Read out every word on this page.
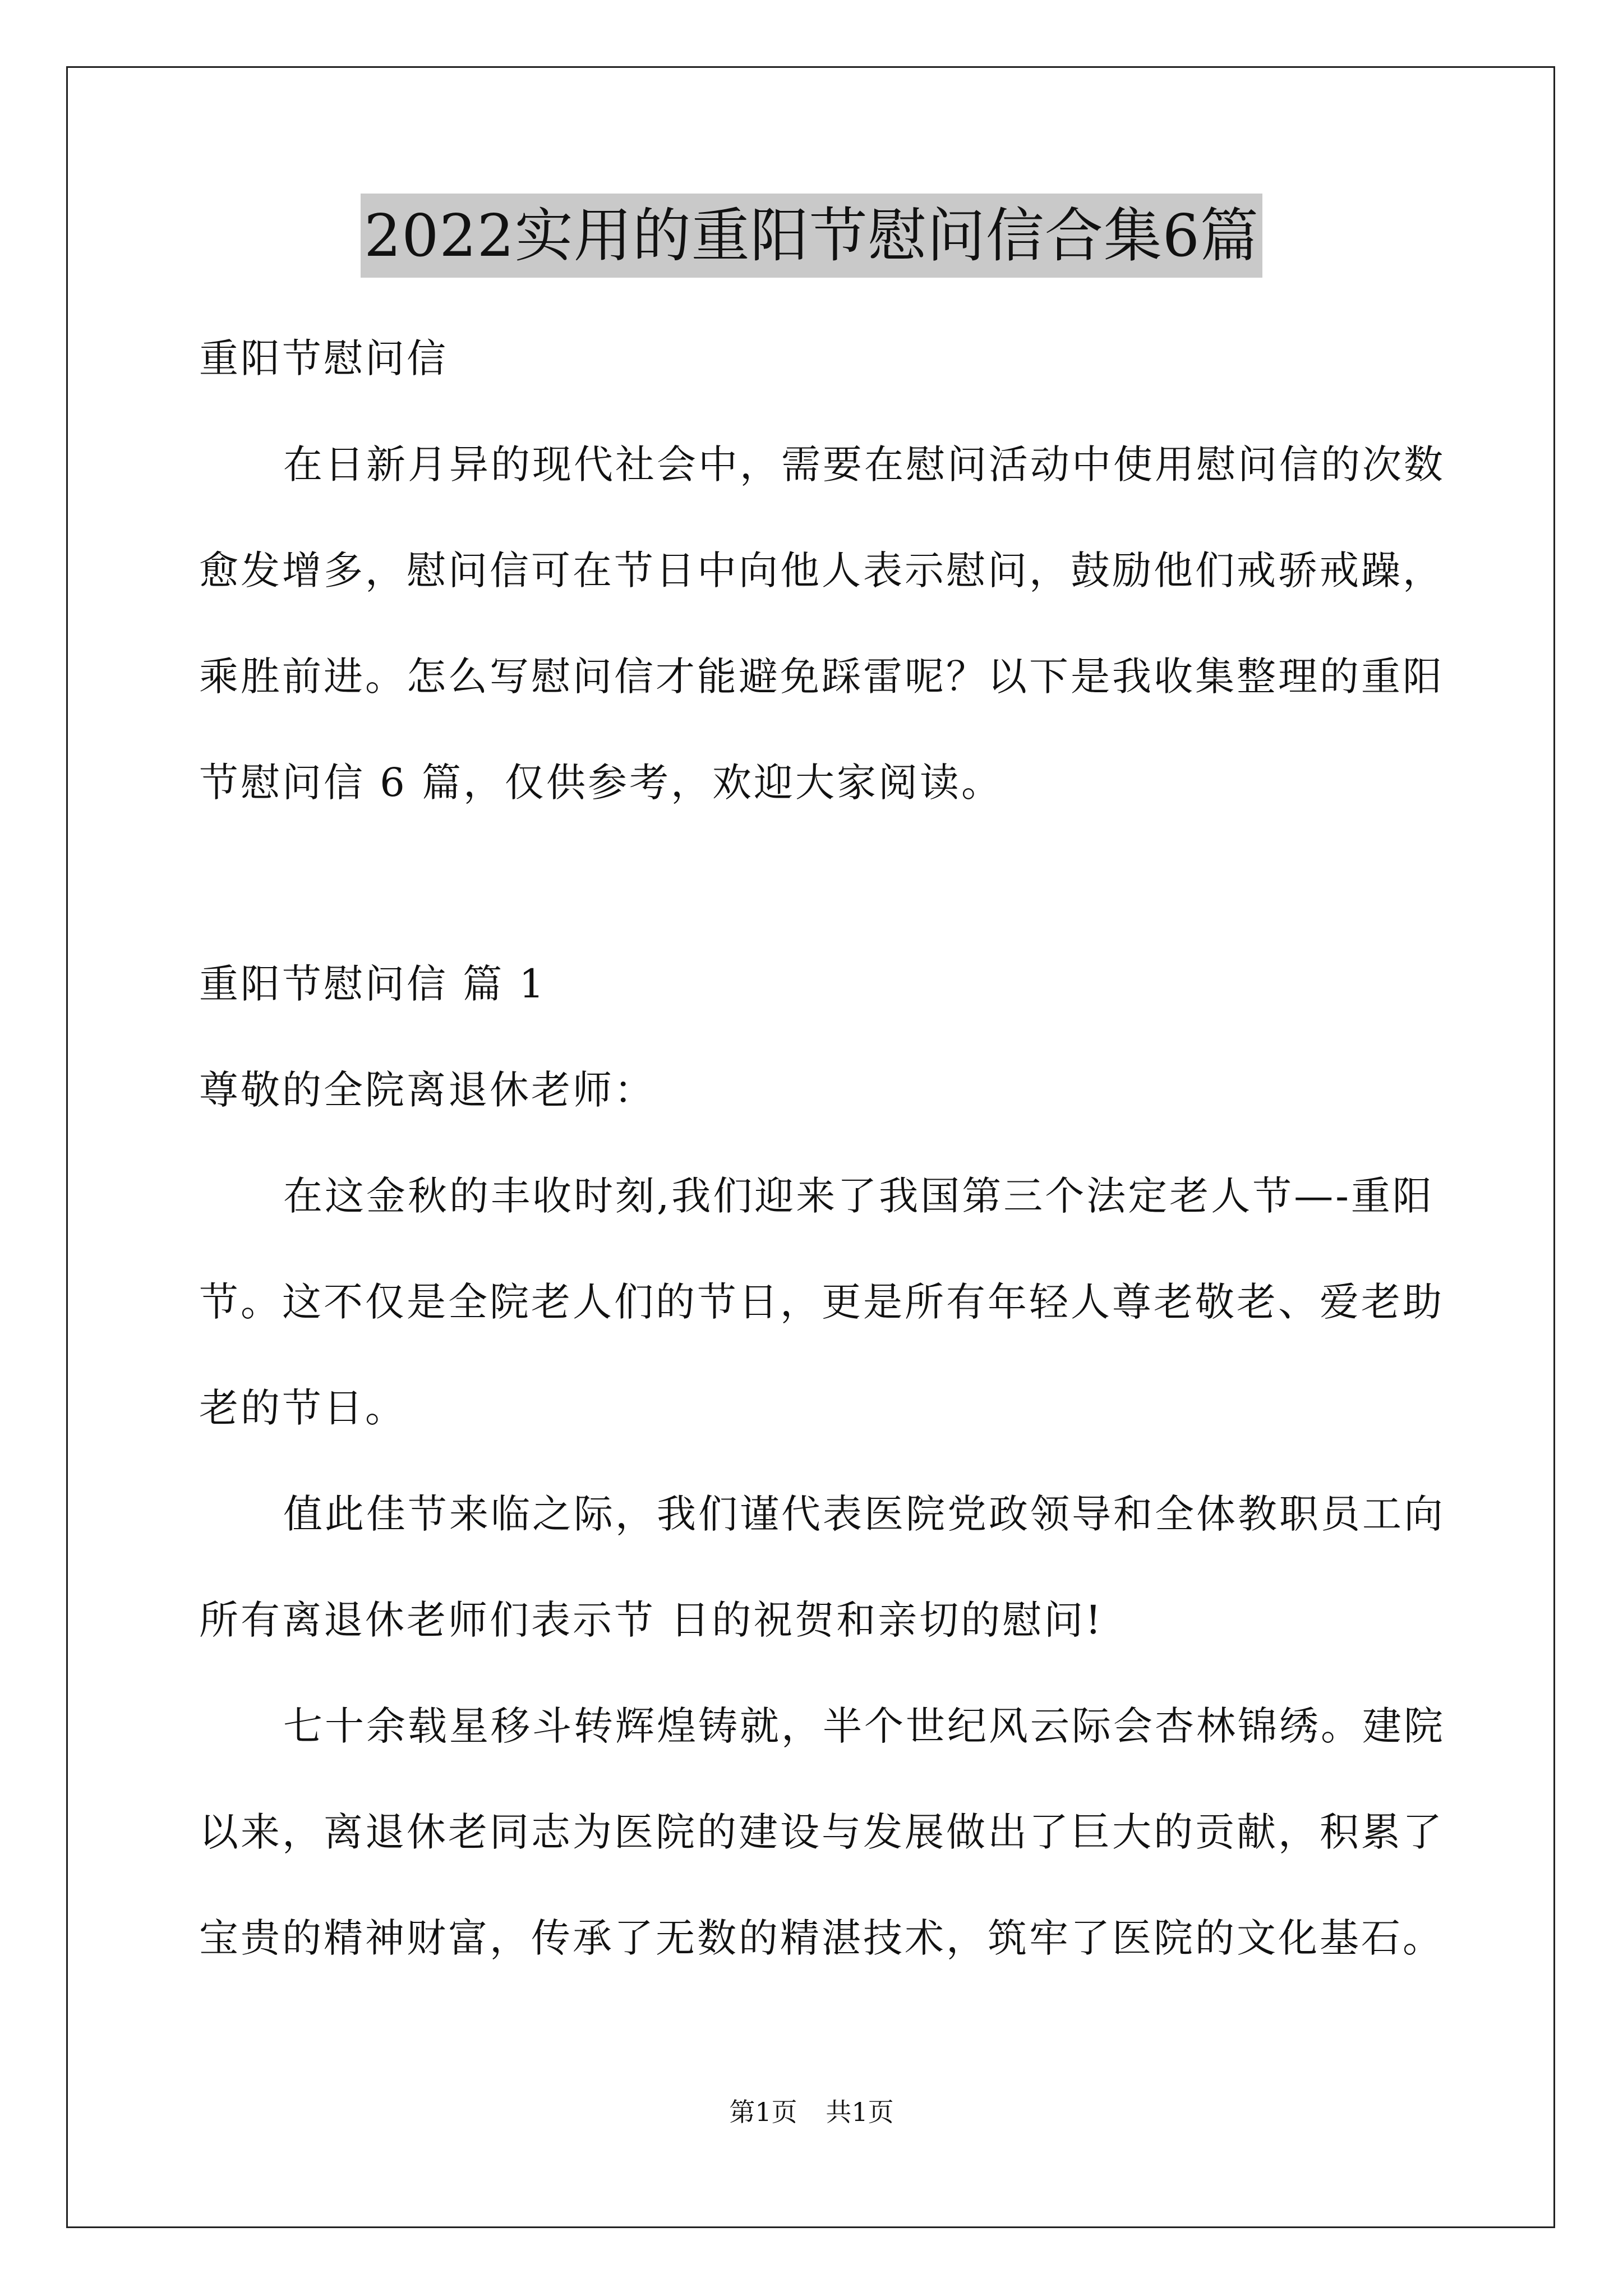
2022实用的重阳节慰问信合集6篇
重阳节慰问信
在日新月异的现代社会中，需要在慰问活动中使用慰问信的次数
愈发增多，慰问信可在节日中向他人表示慰问，鼓励他们戒骄戒躁，
乘胜前进。怎么写慰问信才能避免踩雷呢？以下是我收集整理的重阳
节慰问信 6 篇，仅供参考，欢迎大家阅读。
重阳节慰问信 篇 1
尊敬的全院离退休老师：
在这金秋的丰收时刻,我们迎来了我国第三个法定老人节—-重阳
节。这不仅是全院老人们的节日，更是所有年轻人尊老敬老、爱老助
老的节日。
值此佳节来临之际，我们谨代表医院党政领导和全体教职员工向
所有离退休老师们表示节 日的祝贺和亲切的慰问!
七十余载星移斗转辉煌铸就，半个世纪风云际会杏林锦绣。建院
以来，离退休老同志为医院的建设与发展做出了巨大的贡献，积累了
宝贵的精神财富，传承了无数的精湛技术，筑牢了医院的文化基石。
第1页 共1页
